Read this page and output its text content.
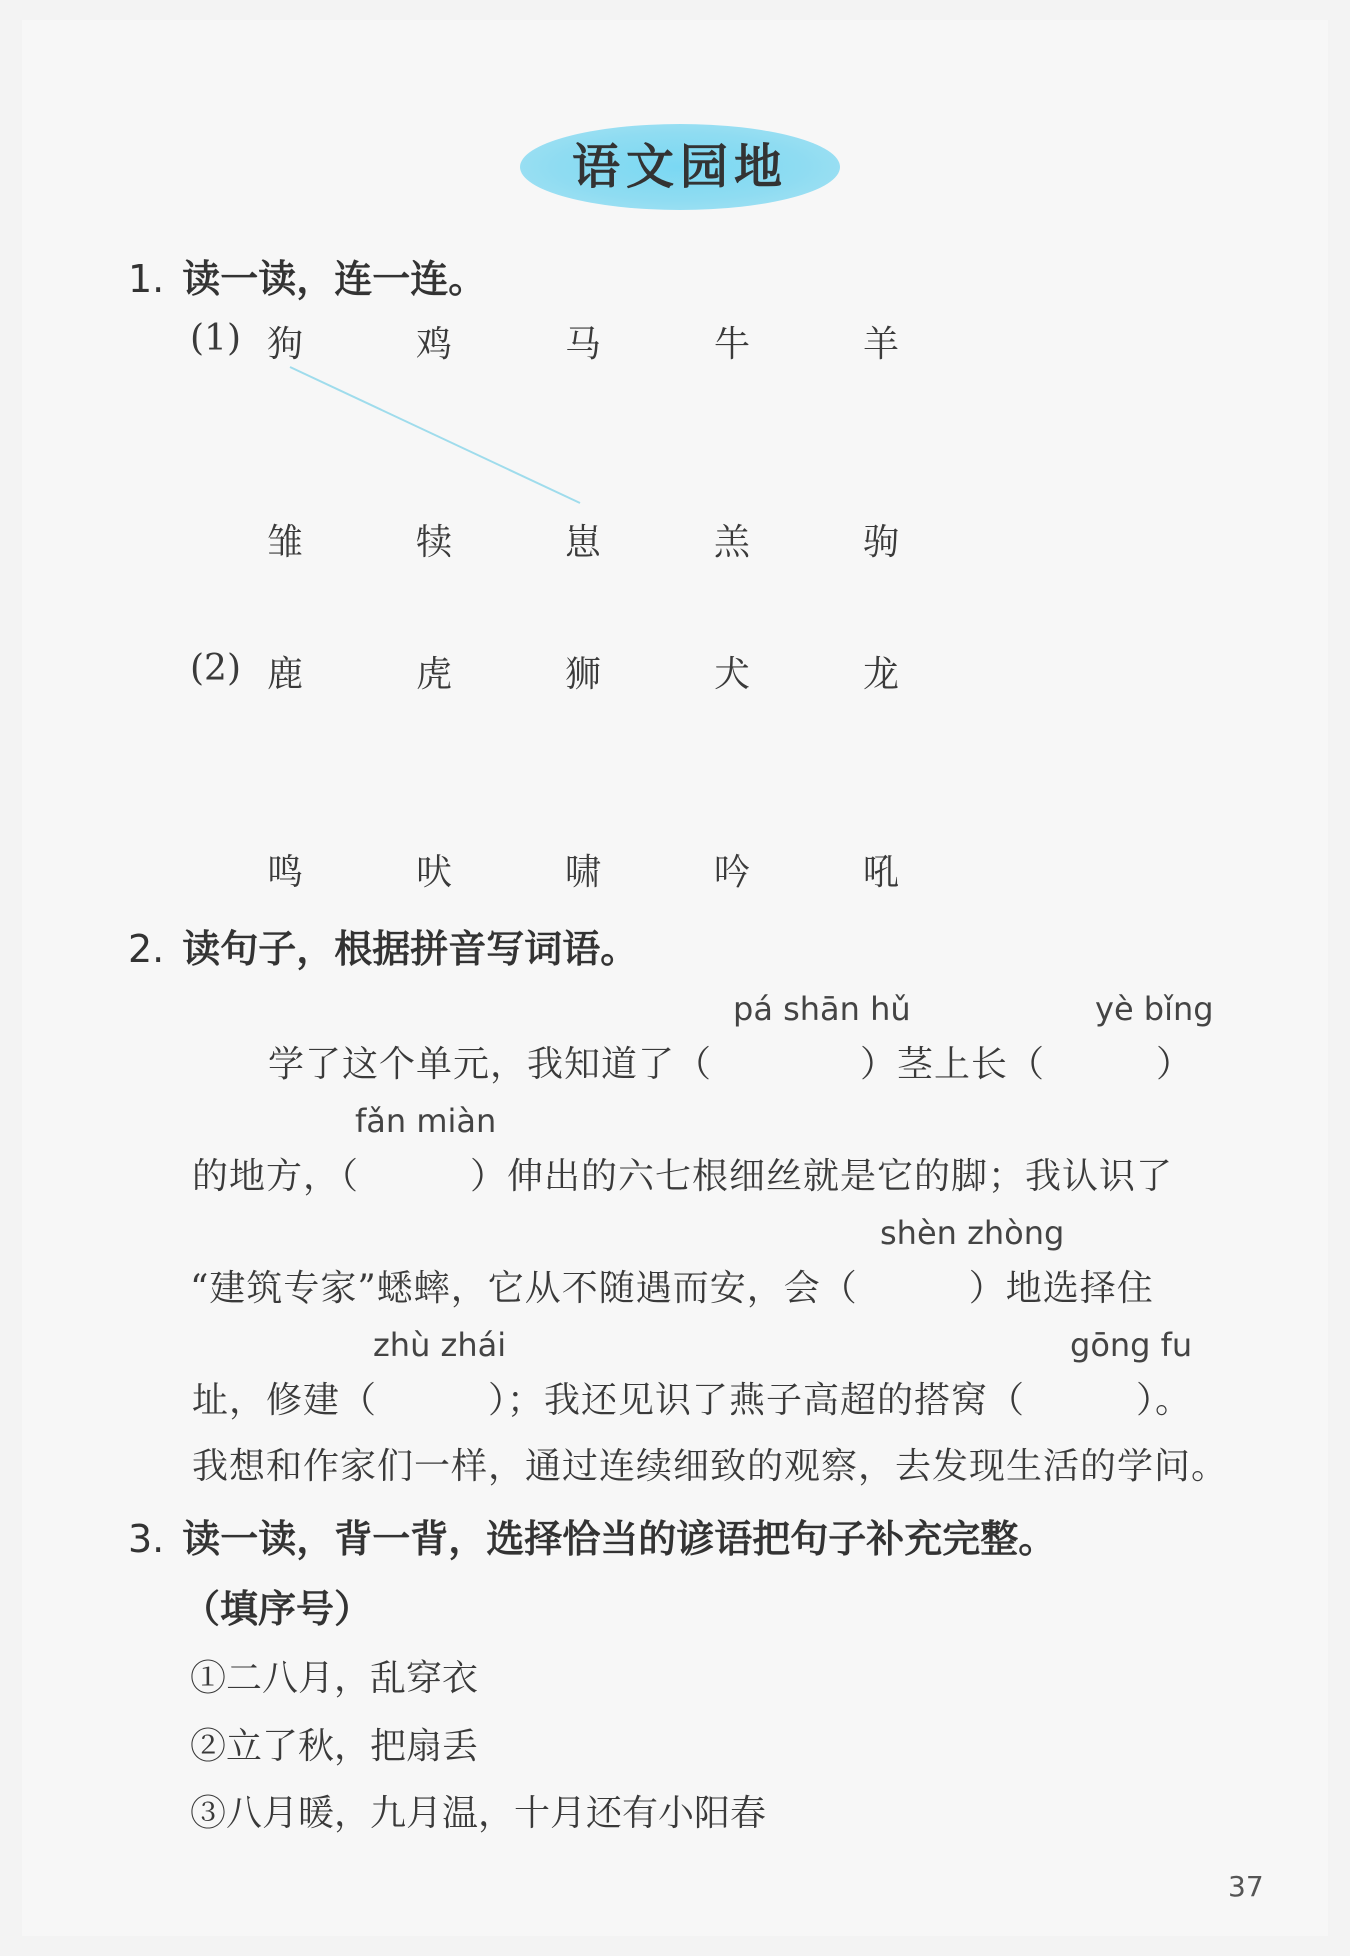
语文园地
1. 读一读，连一连。
(1) 狗	鸡	马	牛	羊
雏	犊	崽	羔	驹
(2) 鹿	虎	狮	犬	龙
鸣	吠	啸	吟	吼
2. 读句子，根据拼音写词语。
pá shān hǔ	yè bǐng
学了这个单元，我知道了（　　　　）茎上长（　　　）
fǎn miàn
的地方，（　　　）伸出的六七根细丝就是它的脚；我认识了
shèn zhòng
“建筑专家”蟋蟀，它从不随遇而安，会（　　　）地选择住
zhù zhái	gōng fu
址，修建（　　　）；我还见识了燕子高超的搭窝（　　　）。
我想和作家们一样，通过连续细致的观察，去发现生活的学问。
3. 读一读，背一背，选择恰当的谚语把句子补充完整。
（填序号）
①二八月，乱穿衣
②立了秋，把扇丢
③八月暖，九月温，十月还有小阳春
37
